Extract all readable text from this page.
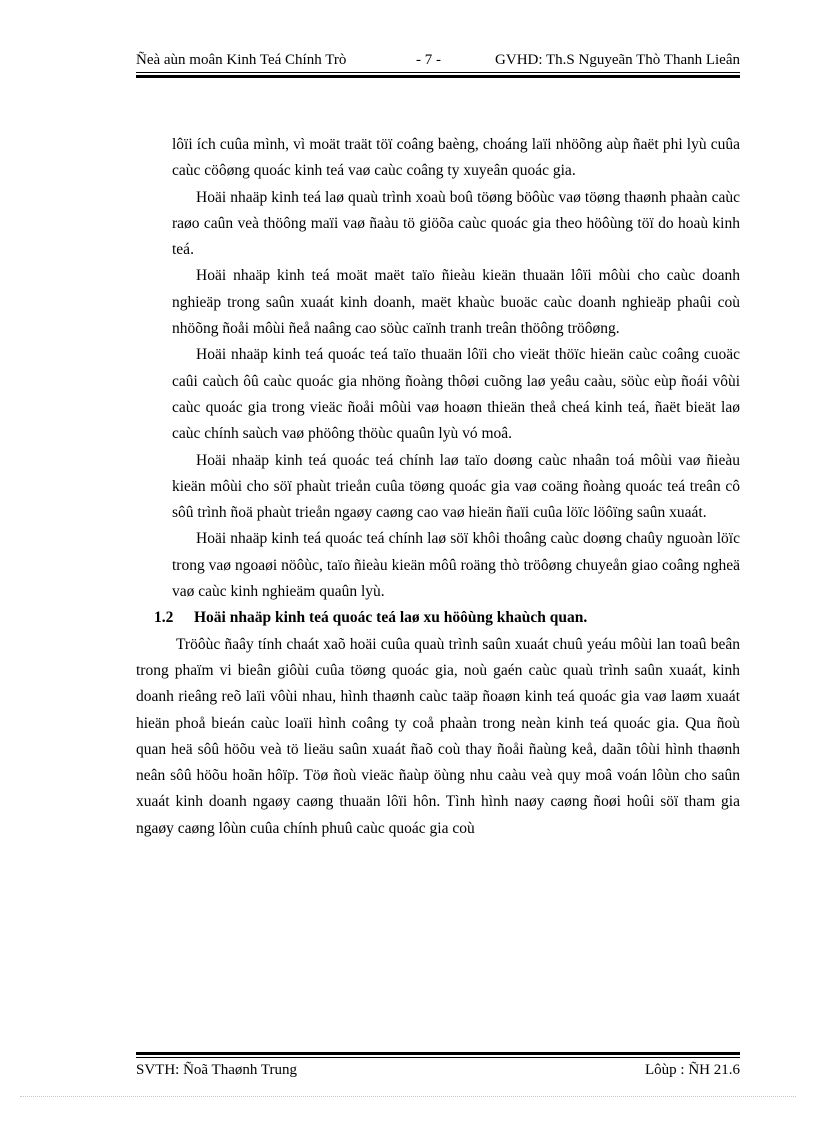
Ñeà aùn moân Kinh Teá Chính Trò	- 7 -	GVHD: Th.S Nguyeãn Thò Thanh Lieân

lôïi ích cuûa mình, vì moät traät töï coâng baèng, choáng laïi nhöõng aùp ñaët phi lyù cuûa caùc cöôøng quoác kinh teá vaø caùc coâng ty xuyeân quoác gia.

Hoäi nhaäp kinh teá laø quaù trình xoaù boû töøng böôùc vaø töøng thaønh phaàn caùc raøo caûn veà thöông maïi vaø ñaàu tö giöõa caùc quoác gia theo höôùng töï do hoaù kinh teá.

Hoäi nhaäp kinh teá moät maët taïo ñieàu kieän thuaän lôïi môùi cho caùc doanh nghieäp trong saûn xuaát kinh doanh, maët khaùc buoäc caùc doanh nghieäp phaûi coù nhöõng ñoåi môùi ñeå naâng cao söùc caïnh tranh treân thöông tröôøng.

Hoäi nhaäp kinh teá quoác teá taïo thuaän lôïi cho vieät thöïc hieän caùc coâng cuoäc caûi caùch ôû caùc quoác gia nhöng ñoàng thôøi cuõng laø yeâu caàu, söùc eùp ñoái vôùi caùc quoác gia trong vieäc ñoåi môùi vaø hoaøn thieän theå cheá kinh teá, ñaët bieät laø caùc chính saùch vaø phöông thöùc quaûn lyù vó moâ.

Hoäi nhaäp kinh teá quoác teá chính laø taïo doøng caùc nhaân toá môùi vaø ñieàu kieän môùi cho söï phaùt trieån cuûa töøng quoác gia vaø coäng ñoàng quoác teá treân cô sôû trình ñoä phaùt trieån ngaøy caøng cao vaø hieän ñaïi cuûa löïc löôïng saûn xuaát.

Hoäi nhaäp kinh teá quoác teá chính laø söï khôi thoâng caùc doøng chaûy nguoàn löïc trong vaø ngoaøi nöôùc, taïo ñieàu kieän môû roäng thò tröôøng chuyeån giao coâng ngheä vaø caùc kinh nghieäm quaûn lyù.

1.2 Hoäi nhaäp kinh teá quoác teá laø xu höôùng khaùch quan.

Tröôùc ñaây tính chaát xaõ hoäi cuûa quaù trình saûn xuaát chuû yeáu môùi lan toaû beân trong phaïm vi bieân giôùi cuûa töøng quoác gia, noù gaén caùc quaù trình saûn xuaát, kinh doanh rieâng reõ laïi vôùi nhau, hình thaønh caùc taäp ñoaøn kinh teá quoác gia vaø laøm xuaát hieän phoå bieán caùc loaïi hình coâng ty coå phaàn trong neàn kinh teá quoác gia. Qua ñoù quan heä sôû höõu veà tö lieäu saûn xuaát ñaõ coù thay ñoåi ñaùng keå, daãn tôùi hình thaønh neân sôû höõu hoãn hôïp. Töø ñoù vieäc ñaùp öùng nhu caàu veà quy moâ voán lôùn cho saûn xuaát kinh doanh ngaøy caøng thuaän lôïi hôn. Tình hình naøy caøng ñoøi hoûi söï tham gia ngaøy caøng lôùn cuûa chính phuû caùc quoác gia coù

SVTH: Ñoã Thaønh Trung	Lôùp : ÑH 21.6
